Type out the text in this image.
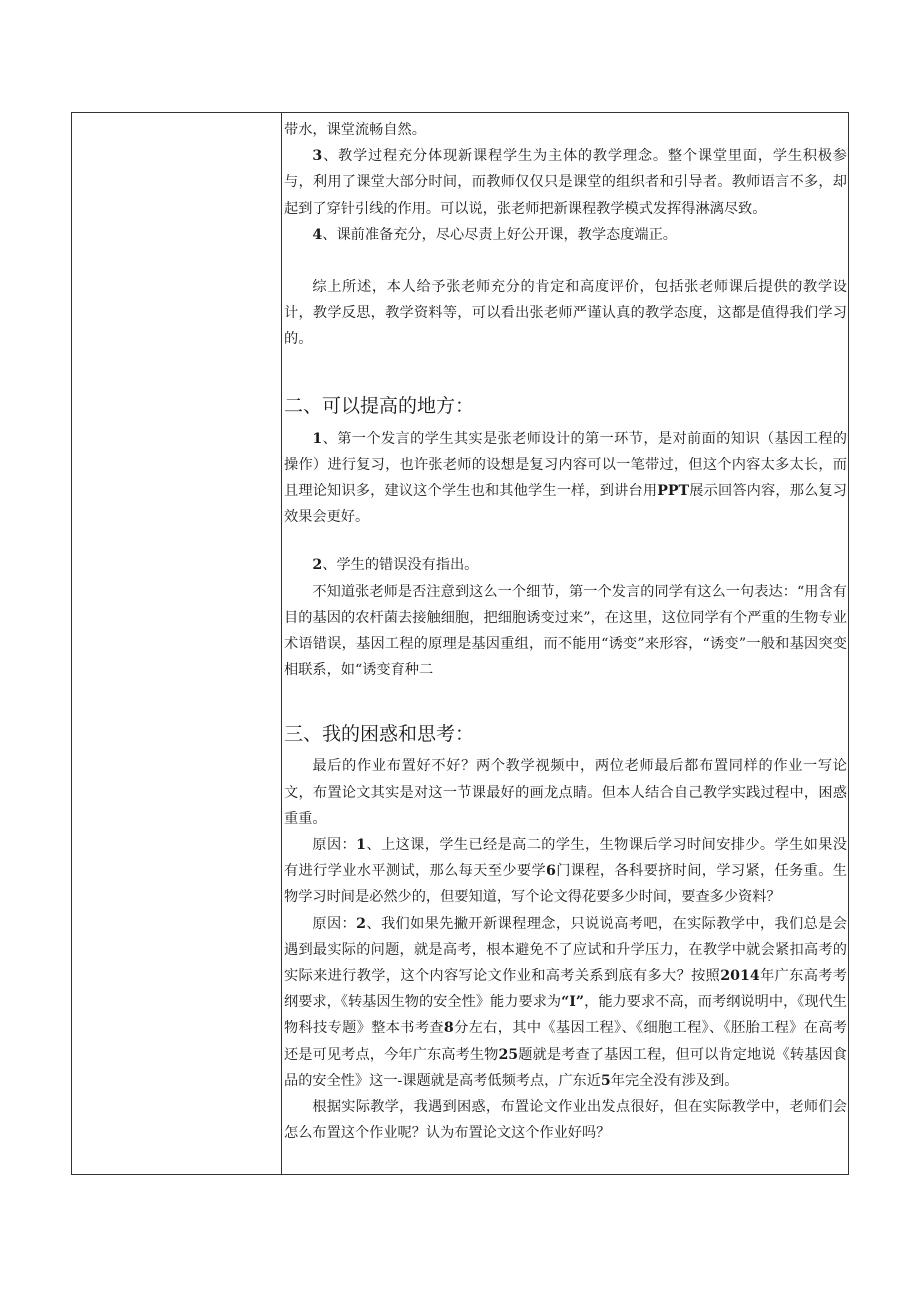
带水，课堂流畅自然。

3、教学过程充分体现新课程学生为主体的教学理念。整个课堂里面，学生积极参与，利用了课堂大部分时间，而教师仅仅只是课堂的组织者和引导者。教师语言不多，却起到了穿针引线的作用。可以说，张老师把新课程教学模式发挥得淋漓尽致。

4、课前准备充分，尽心尽责上好公开课，教学态度端正。

综上所述，本人给予张老师充分的肯定和高度评价，包括张老师课后提供的教学设计，教学反思，教学资料等，可以看出张老师严谨认真的教学态度，这都是值得我们学习的。

二、可以提高的地方：

1、第一个发言的学生其实是张老师设计的第一环节，是对前面的知识（基因工程的操作）进行复习，也许张老师的设想是复习内容可以一笔带过，但这个内容太多太长，而且理论知识多，建议这个学生也和其他学生一样，到讲台用PPT展示回答内容，那么复习效果会更好。

2、学生的错误没有指出。

不知道张老师是否注意到这么一个细节，第一个发言的同学有这么一句表达：“用含有目的基因的农杆菌去接触细胞，把细胞诱变过来”，在这里，这位同学有个严重的生物专业术语错误，基因工程的原理是基因重组，而不能用“诱变”来形容，“诱变”一般和基因突变相联系，如“诱变育种二

三、我的困惑和思考：

最后的作业布置好不好？两个教学视频中，两位老师最后都布置同样的作业一写论文，布置论文其实是对这一节课最好的画龙点睛。但本人结合自己教学实践过程中，困惑重重。

原因：1、上这课，学生已经是高二的学生，生物课后学习时间安排少。学生如果没有进行学业水平测试，那么每天至少要学6门课程，各科要挤时间，学习紧，任务重。生物学习时间是必然少的，但要知道，写个论文得花要多少时间，要查多少资料？

原因：2、我们如果先撇开新课程理念，只说说高考吧，在实际教学中，我们总是会遇到最实际的问题，就是高考，根本避免不了应试和升学压力，在教学中就会紧扣高考的实际来进行教学，这个内容写论文作业和高考关系到底有多大？按照2014年广东高考考纲要求，《转基因生物的安全性》能力要求为“I”，能力要求不高，而考纲说明中，《现代生物科技专题》整本书考查8分左右，其中《基因工程》、《细胞工程》、《胚胎工程》在高考还是可见考点，今年广东高考生物25题就是考查了基因工程，但可以肯定地说《转基因食品的安全性》这一-课题就是高考低频考点，广东近5年完全没有涉及到。

根据实际教学，我遇到困惑，布置论文作业出发点很好，但在实际教学中，老师们会怎么布置这个作业呢？认为布置论文这个作业好吗？
